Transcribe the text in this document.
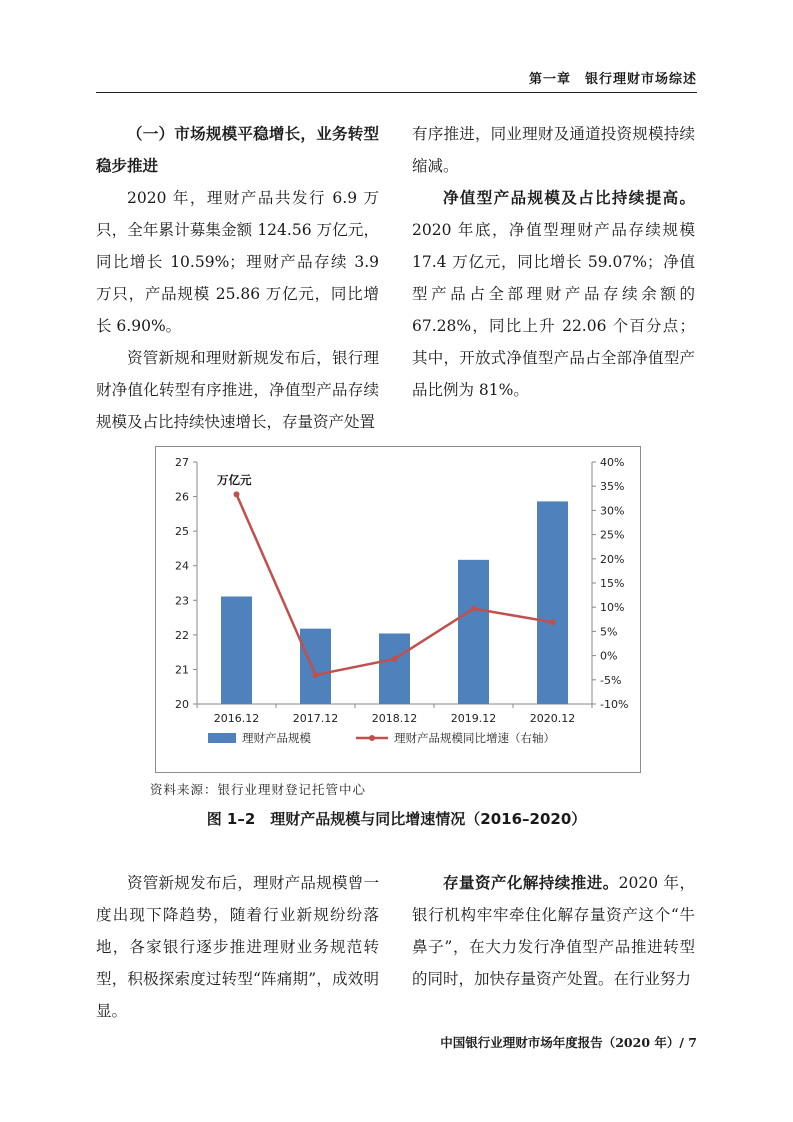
第一章　银行理财市场综述

（一）市场规模平稳增长，业务转型稳步推进

2020 年，理财产品共发行 6.9 万只，全年累计募集金额 124.56 万亿元，同比增长 10.59%；理财产品存续 3.9 万只，产品规模 25.86 万亿元，同比增长 6.90%。

资管新规和理财新规发布后，银行理财净值化转型有序推进，净值型产品存续规模及占比持续快速增长，存量资产处置

有序推进，同业理财及通道投资规模持续缩减。

净值型产品规模及占比持续提高。2020 年底，净值型理财产品存续规模 17.4 万亿元，同比增长 59.07%；净值型产品占全部理财产品存续余额的 67.28%，同比上升 22.06 个百分点；其中，开放式净值型产品占全部净值型产品比例为 81%。

20
21
22
23
24
25
26
27
-10%
-5%
0%
5%
10%
15%
20%
25%
30%
35%
40%
2016.12	2017.12	2018.12	2019.12	2020.12
万亿元
理财产品规模	理财产品规模同比增速（右轴）
资料来源：银行业理财登记托管中心
图 1–2　理财产品规模与同比增速情况（2016–2020）

资管新规发布后，理财产品规模曾一度出现下降趋势，随着行业新规纷纷落地，各家银行逐步推进理财业务规范转型，积极探索度过转型“阵痛期”，成效明显。

存量资产化解持续推进。2020 年，银行机构牢牢牵住化解存量资产这个“牛鼻子”，在大力发行净值型产品推进转型的同时，加快存量资产处置。在行业努力

中国银行业理财市场年度报告（2020 年）/ 7
